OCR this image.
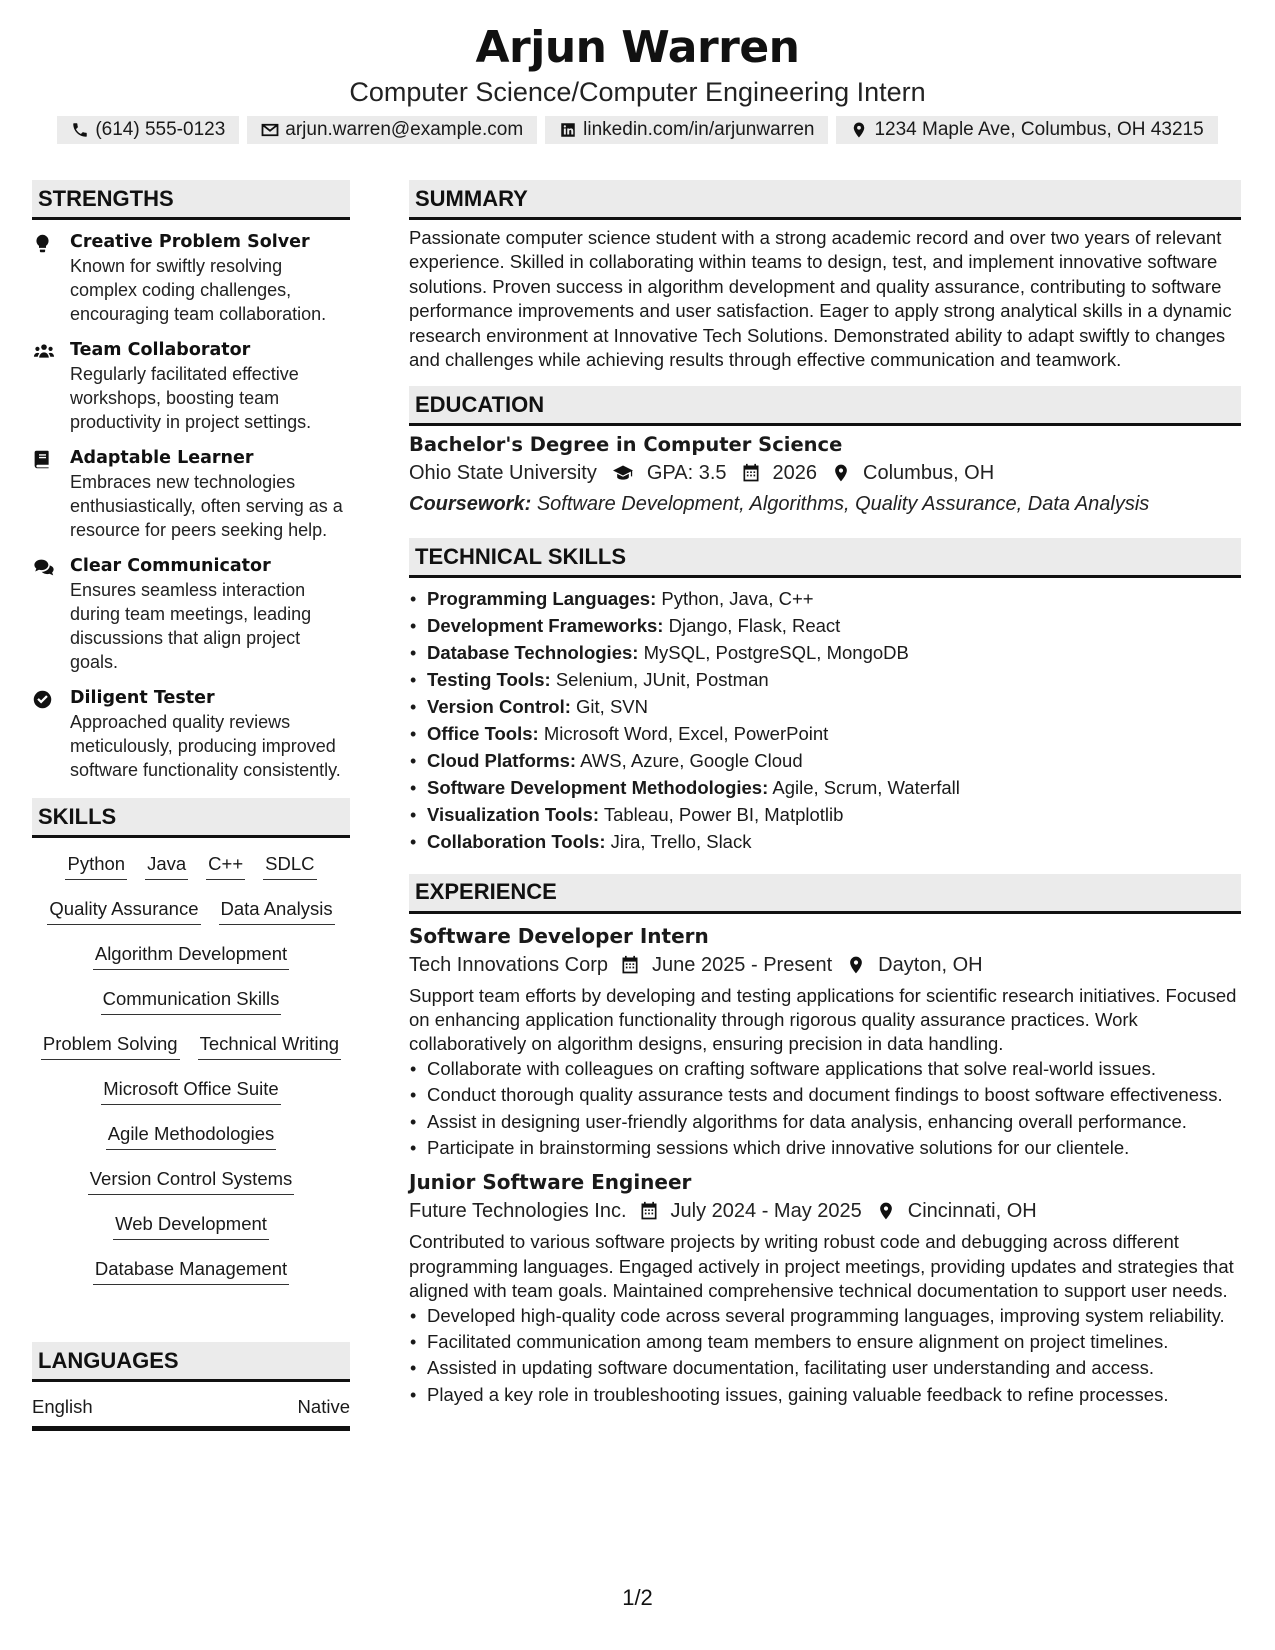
Arjun Warren
Computer Science/Computer Engineering Intern
(614) 555-0123	arjun.warren@example.com	linkedin.com/in/arjunwarren	1234 Maple Ave, Columbus, OH 43215
STRENGTHS
Creative Problem Solver
Known for swiftly resolving complex coding challenges, encouraging team collaboration.
Team Collaborator
Regularly facilitated effective workshops, boosting team productivity in project settings.
Adaptable Learner
Embraces new technologies enthusiastically, often serving as a resource for peers seeking help.
Clear Communicator
Ensures seamless interaction during team meetings, leading discussions that align project goals.
Diligent Tester
Approached quality reviews meticulously, producing improved software functionality consistently.
SKILLS
Python Java C++ SDLC
Quality Assurance Data Analysis
Algorithm Development
Communication Skills
Problem Solving Technical Writing
Microsoft Office Suite
Agile Methodologies
Version Control Systems
Web Development
Database Management
LANGUAGES
English	Native
SUMMARY

Passionate computer science student with a strong academic record and over two years of relevant experience. Skilled in collaborating within teams to design, test, and implement innovative software solutions. Proven success in algorithm development and quality assurance, contributing to software performance improvements and user satisfaction. Eager to apply strong analytical skills in a dynamic research environment at Innovative Tech Solutions. Demonstrated ability to adapt swiftly to changes and challenges while achieving results through effective communication and teamwork.

EDUCATION
Bachelor's Degree in Computer Science
Ohio State University	GPA: 3.5 2026 Columbus, OH
Coursework: Software Development, Algorithms, Quality Assurance, Data Analysis
TECHNICAL SKILLS
• Programming Languages: Python, Java, C++
• Development Frameworks: Django, Flask, React
• Database Technologies: MySQL, PostgreSQL, MongoDB
• Testing Tools: Selenium, JUnit, Postman
• Version Control: Git, SVN
• Office Tools: Microsoft Word, Excel, PowerPoint
• Cloud Platforms: AWS, Azure, Google Cloud
• Software Development Methodologies: Agile, Scrum, Waterfall
• Visualization Tools: Tableau, Power BI, Matplotlib
• Collaboration Tools: Jira, Trello, Slack
EXPERIENCE
Software Developer Intern
Tech Innovations Corp June 2025 - Present Dayton, OH

Support team efforts by developing and testing applications for scientific research initiatives. Focused on enhancing application functionality through rigorous quality assurance practices. Work collaboratively on algorithm designs, ensuring precision in data handling.

• Collaborate with colleagues on crafting software applications that solve real-world issues.
• Conduct thorough quality assurance tests and document findings to boost software effectiveness.
• Assist in designing user-friendly algorithms for data analysis, enhancing overall performance.
• Participate in brainstorming sessions which drive innovative solutions for our clientele.
Junior Software Engineer
Future Technologies Inc. July 2024 - May 2025 Cincinnati, OH

Contributed to various software projects by writing robust code and debugging across different programming languages. Engaged actively in project meetings, providing updates and strategies that aligned with team goals. Maintained comprehensive technical documentation to support user needs.

• Developed high-quality code across several programming languages, improving system reliability.
• Facilitated communication among team members to ensure alignment on project timelines.
• Assisted in updating software documentation, facilitating user understanding and access.
• Played a key role in troubleshooting issues, gaining valuable feedback to refine processes.
1/2
